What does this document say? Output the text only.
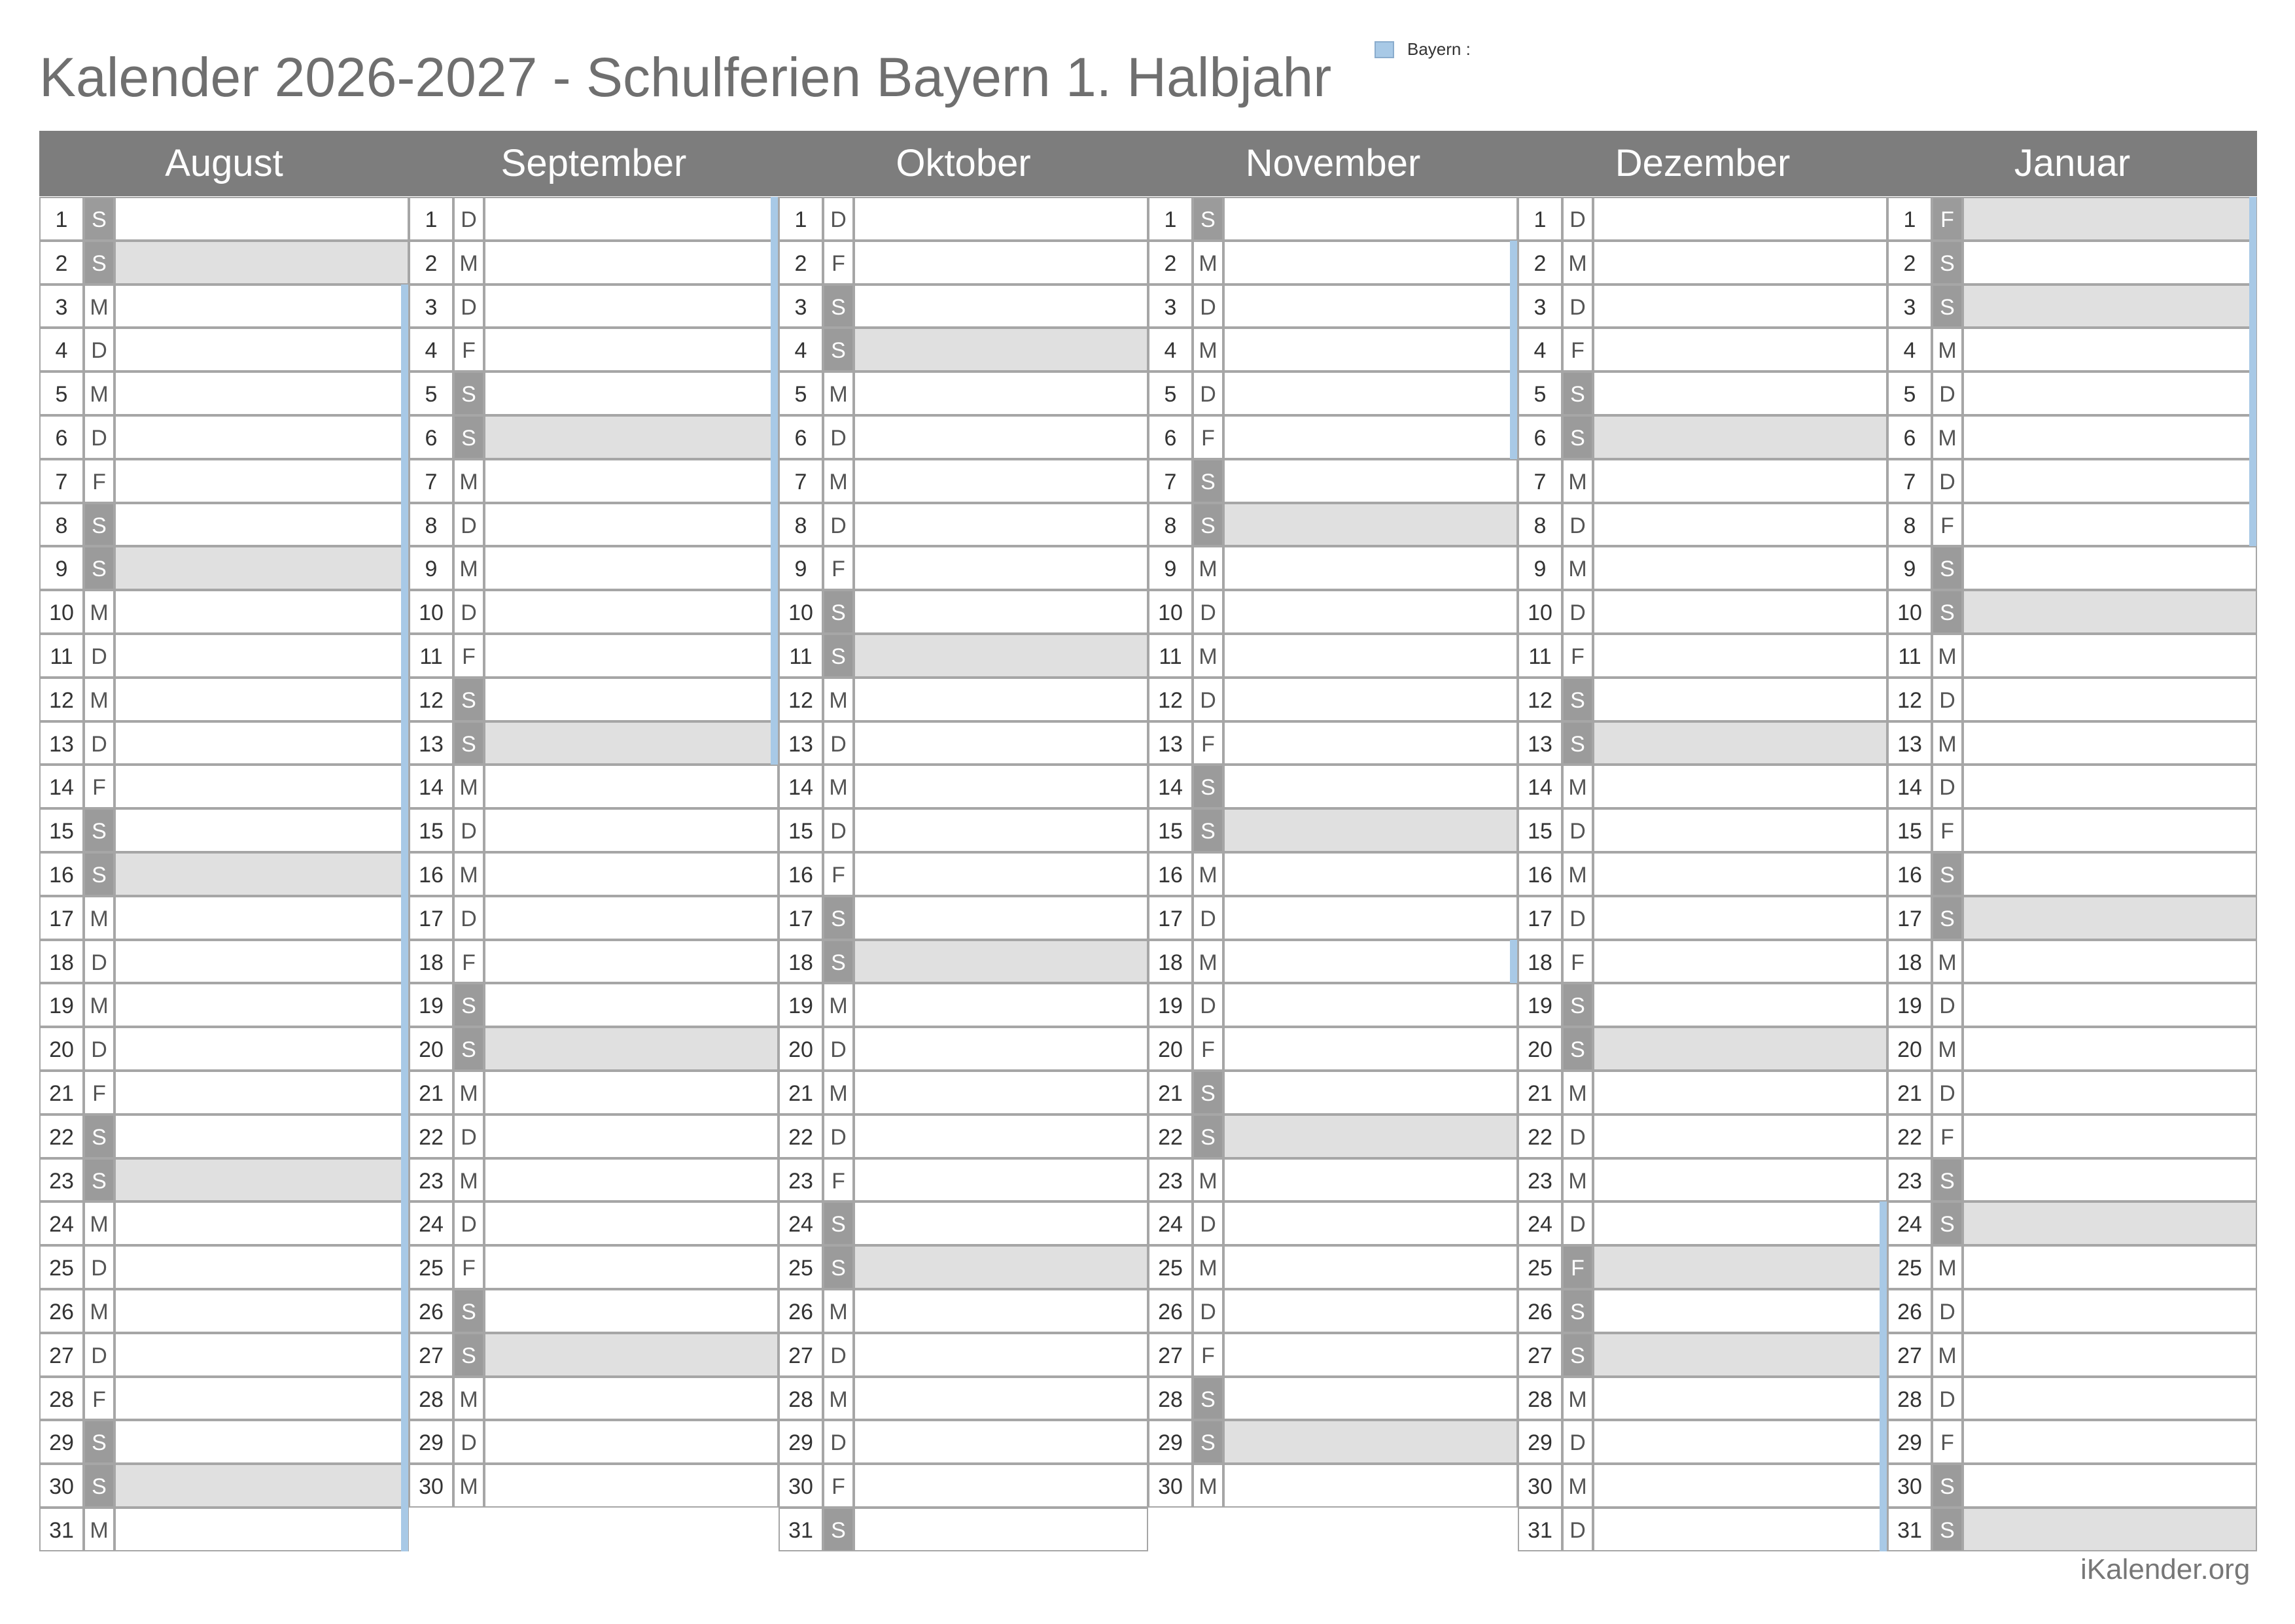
Kalender 2026-2027 - Schulferien Bayern 1. Halbjahr	Bayern :
August
1	S
2	S
3 M
4	D
5 M
6	D
7	F
8	S
9	S
10 M
11 D
12 M
13 D
14 F
15 S
16 S
17 M
18 D
19 M
20 D
21 F
22 S
23 S
24 M
25 D
26 M
27 D
28 F
29 S
30 S
31 M
September
1	D
2 M
3	D
4	F
5	S
6	S
7 M
8	D
9 M
10 D
11 F
12 S
13 S
14 M
15 D
16 M
17 D
18 F
19 S
20 S
21 M
22 D
23 M
24 D
25 F
26 S
27 S
28 M
29 D
30 M
Oktober
1	D
2	F
3	S
4	S
5 M
6	D
7 M
8	D
9	F
10 S
11 S
12 M
13 D
14 M
15 D
16 F
17 S
18 S
19 M
20 D
21 M
22 D
23 F
24 S
25 S
26 M
27 D
28 M
29 D
30 F
31 S
November
1	S
2 M
3	D
4 M
5	D
6	F
7	S
8	S
9 M
10 D
11 M
12 D
13 F
14 S
15 S
16 M
17 D
18 M
19 D
20 F
21 S
22 S
23 M
24 D
25 M
26 D
27 F
28 S
29 S
30 M
Dezember
1	D
2 M
3	D
4	F
5	S
6	S
7 M
8	D
9 M
10 D
11 F
12 S
13 S
14 M
15 D
16 M
17 D
18 F
19 S
20 S
21 M
22 D
23 M
24 D
25 F
26 S
27 S
28 M
29 D
30 M
31 D
Januar
1	F
2	S
3	S
4 M
5	D
6 M
7	D
8	F
9	S
10 S
11 M
12 D
13 M
14 D
15 F
16 S
17 S
18 M
19 D
20 M
21 D
22 F
23 S
24 S
25 M
26 D
27 M
28 D
29 F
30 S
31 S
iKalender.org
